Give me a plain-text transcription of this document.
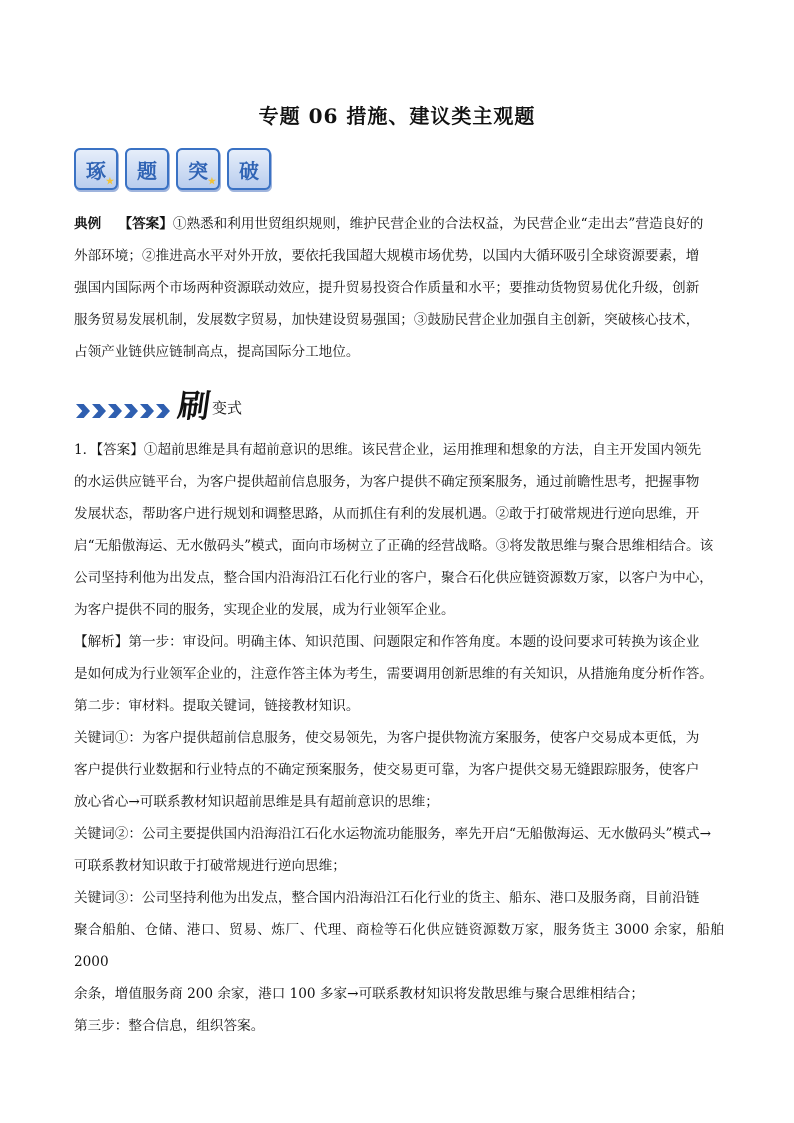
专题 06 措施、建议类主观题
琢 ★ 题 突 ★ 破

典例 【答案】①熟悉和利用世贸组织规则，维护民营企业的合法权益，为民营企业“走出去”营造良好的

外部环境；②推进高水平对外开放，要依托我国超大规模市场优势，以国内大循环吸引全球资源要素，增

强国内国际两个市场两种资源联动效应，提升贸易投资合作质量和水平；要推动货物贸易优化升级，创新

服务贸易发展机制，发展数字贸易，加快建设贸易强国；③鼓励民营企业加强自主创新，突破核心技术，

占领产业链供应链制高点，提高国际分工地位。

刷 变式

1．【答案】①超前思维是具有超前意识的思维。该民营企业，运用推理和想象的方法，自主开发国内领先

的水运供应链平台，为客户提供超前信息服务，为客户提供不确定预案服务，通过前瞻性思考，把握事物

发展状态，帮助客户进行规划和调整思路，从而抓住有利的发展机遇。②敢于打破常规进行逆向思维，开

启“无船傲海运、无水傲码头”模式，面向市场树立了正确的经营战略。③将发散思维与聚合思维相结合。该

公司坚持利他为出发点，整合国内沿海沿江石化行业的客户，聚合石化供应链资源数万家，以客户为中心，

为客户提供不同的服务，实现企业的发展，成为行业领军企业。

【解析】第一步：审设问。明确主体、知识范围、问题限定和作答角度。本题的设问要求可转换为该企业

是如何成为行业领军企业的，注意作答主体为考生，需要调用创新思维的有关知识，从措施角度分析作答。

第二步：审材料。提取关键词，链接教材知识。

关键词①：为客户提供超前信息服务，使交易领先，为客户提供物流方案服务，使客户交易成本更低，为

客户提供行业数据和行业特点的不确定预案服务，使交易更可靠，为客户提供交易无缝跟踪服务，使客户

放心省心→可联系教材知识超前思维是具有超前意识的思维；

关键词②：公司主要提供国内沿海沿江石化水运物流功能服务，率先开启“无船傲海运、无水傲码头”模式→

可联系教材知识敢于打破常规进行逆向思维；

关键词③：公司坚持利他为出发点，整合国内沿海沿江石化行业的货主、船东、港口及服务商，目前沿链

聚合船舶、仓储、港口、贸易、炼厂、代理、商检等石化供应链资源数万家，服务货主 3000 余家，船舶 2000

余条，增值服务商 200 余家，港口 100 多家→可联系教材知识将发散思维与聚合思维相结合；

第三步：整合信息，组织答案。
